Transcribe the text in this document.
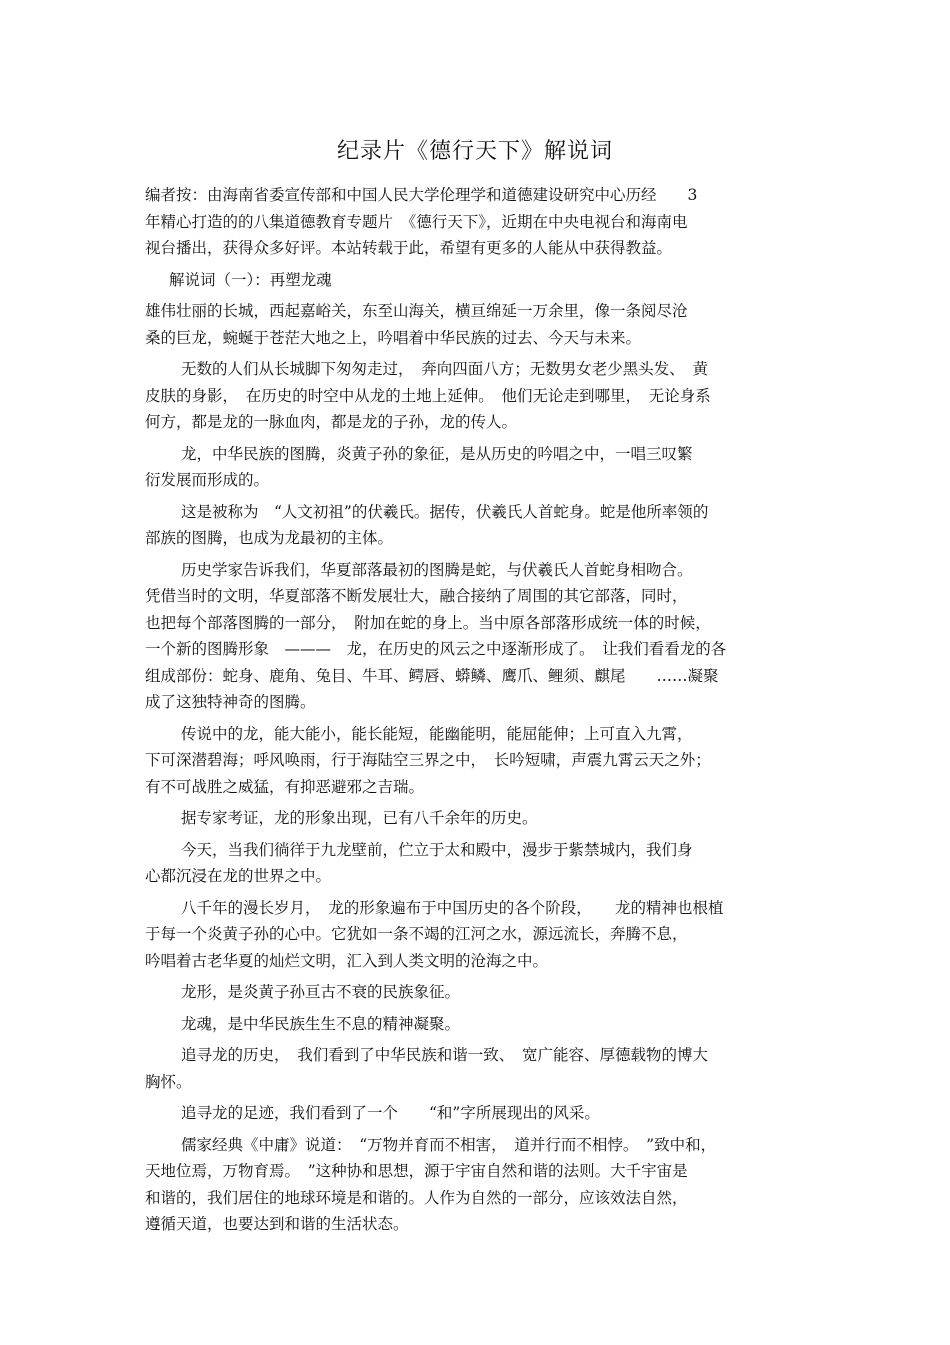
纪录片《德行天下》解说词
编者按：由海南省委宣传部和中国人民大学伦理学和道德建设研究中心历经　　3
年精心打造的的八集道德教育专题片　《德行天下》，近期在中央电视台和海南电
视台播出，获得众多好评。本站转载于此，希望有更多的人能从中获得教益。
解说词（一）：再塑龙魂
雄伟壮丽的长城，西起嘉峪关，东至山海关，横亘绵延一万余里，像一条阅尽沧
桑的巨龙，蜿蜒于苍茫大地之上，吟唱着中华民族的过去、今天与未来。
无数的人们从长城脚下匆匆走过，　奔向四面八方；无数男女老少黑头发、　黄
皮肤的身影，　在历史的时空中从龙的土地上延伸。　他们无论走到哪里，　无论身系
何方，都是龙的一脉血肉，都是龙的子孙，龙的传人。
龙，中华民族的图腾，炎黄子孙的象征，是从历史的吟唱之中，一唱三叹繁
衍发展而形成的。
这是被称为　“人文初祖”的伏羲氏。据传，伏羲氏人首蛇身。蛇是他所率领的
部族的图腾，也成为龙最初的主体。
历史学家告诉我们，华夏部落最初的图腾是蛇，与伏羲氏人首蛇身相吻合。
凭借当时的文明，华夏部落不断发展壮大，融合接纳了周围的其它部落，同时，
也把每个部落图腾的一部分，　附加在蛇的身上。当中原各部落形成统一体的时候，
一个新的图腾形象　———　龙，在历史的风云之中逐渐形成了。　让我们看看龙的各
组成部份：蛇身、鹿角、兔目、牛耳、鳄唇、蟒鳞、鹰爪、鲤须、麒尾　　……凝聚
成了这独特神奇的图腾。
传说中的龙，能大能小，能长能短，能幽能明，能屈能伸；上可直入九霄，
下可深潜碧海；呼风唤雨，行于海陆空三界之中，　长吟短啸，声震九霄云天之外；
有不可战胜之威猛，有抑恶避邪之吉瑞。
据专家考证，龙的形象出现，已有八千余年的历史。
今天，当我们徜徉于九龙壁前，伫立于太和殿中，漫步于紫禁城内，我们身
心都沉浸在龙的世界之中。
八千年的漫长岁月，　龙的形象遍布于中国历史的各个阶段，　　龙的精神也根植
于每一个炎黄子孙的心中。它犹如一条不竭的江河之水，源远流长，奔腾不息，
吟唱着古老华夏的灿烂文明，汇入到人类文明的沧海之中。
龙形，是炎黄子孙亘古不衰的民族象征。
龙魂，是中华民族生生不息的精神凝聚。
追寻龙的历史，　我们看到了中华民族和谐一致、　宽广能容、厚德载物的博大
胸怀。
追寻龙的足迹，我们看到了一个　　“和”字所展现出的风采。
儒家经典《中庸》说道：　“万物并育而不相害，　道并行而不相悖。　”致中和，
天地位焉，万物育焉。　”这种协和思想，源于宇宙自然和谐的法则。大千宇宙是
和谐的，我们居住的地球环境是和谐的。人作为自然的一部分，应该效法自然，
遵循天道，也要达到和谐的生活状态。
